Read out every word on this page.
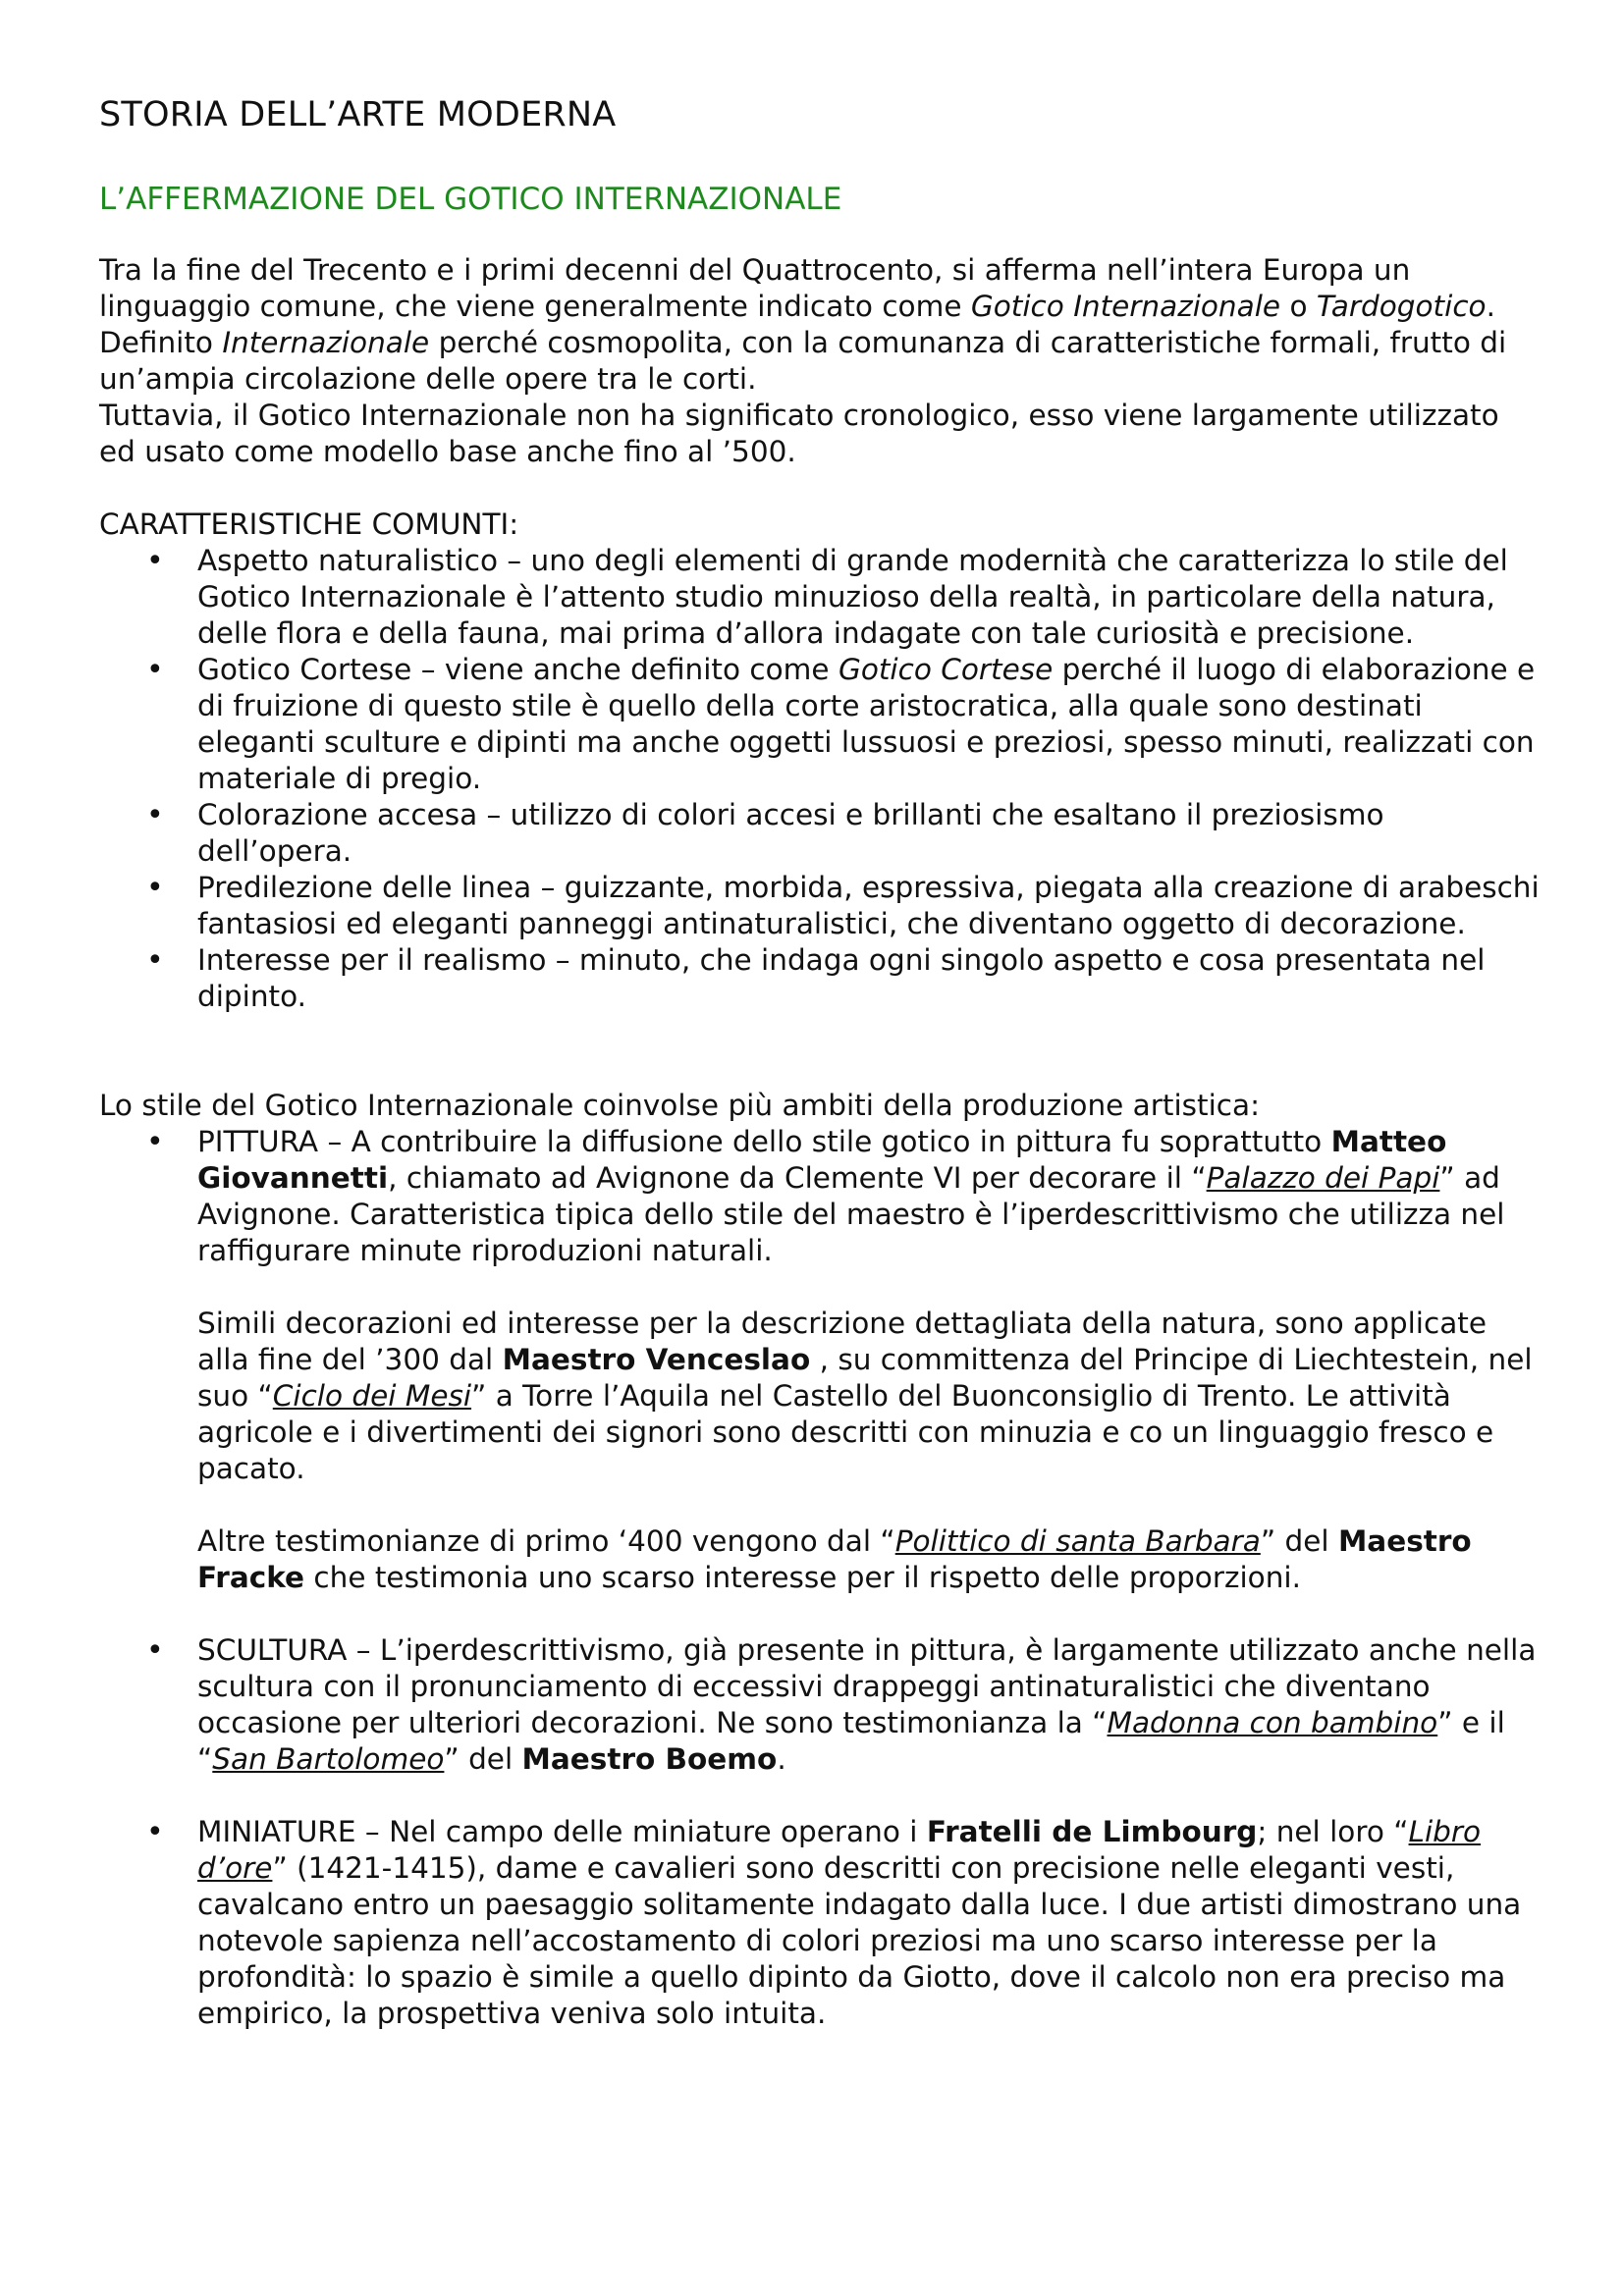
STORIA DELL’ARTE MODERNA
L’AFFERMAZIONE DEL GOTICO INTERNAZIONALE

Tra la fine del Trecento e i primi decenni del Quattrocento, si afferma nell’intera Europa un linguaggio comune, che viene generalmente indicato come Gotico Internazionale o Tardogotico. Definito Internazionale perché cosmopolita, con la comunanza di caratteristiche formali, frutto di un’ampia circolazione delle opere tra le corti.

Tuttavia, il Gotico Internazionale non ha significato cronologico, esso viene largamente utilizzato ed usato come modello base anche fino al ’500.

CARATTERISTICHE COMUNTI:

• Aspetto naturalistico – uno degli elementi di grande modernità che caratterizza lo stile del Gotico Internazionale è l’attento studio minuzioso della realtà, in particolare della natura, delle flora e della fauna, mai prima d’allora indagate con tale curiosità e precisione.
• Gotico Cortese – viene anche definito come Gotico Cortese perché il luogo di elaborazione e di fruizione di questo stile è quello della corte aristocratica, alla quale sono destinati eleganti sculture e dipinti ma anche oggetti lussuosi e preziosi, spesso minuti, realizzati con materiale di pregio.
• Colorazione accesa – utilizzo di colori accesi e brillanti che esaltano il preziosismo dell’opera.
• Predilezione delle linea – guizzante, morbida, espressiva, piegata alla creazione di arabeschi fantasiosi ed eleganti panneggi antinaturalistici, che diventano oggetto di decorazione.
• Interesse per il realismo – minuto, che indaga ogni singolo aspetto e cosa presentata nel dipinto.

Lo stile del Gotico Internazionale coinvolse più ambiti della produzione artistica:

• PITTURA – A contribuire la diffusione dello stile gotico in pittura fu soprattutto Matteo Giovannetti, chiamato ad Avignone da Clemente VI per decorare il “Palazzo dei Papi” ad Avignone. Caratteristica tipica dello stile del maestro è l’iperdescrittivismo che utilizza nel raffigurare minute riproduzioni naturali.
Simili decorazioni ed interesse per la descrizione dettagliata della natura, sono applicate alla fine del ’300 dal Maestro Venceslao , su committenza del Principe di Liechtestein, nel suo “Ciclo dei Mesi” a Torre l’Aquila nel Castello del Buonconsiglio di Trento. Le attività agricole e i divertimenti dei signori sono descritti con minuzia e co un linguaggio fresco e pacato.
Altre testimonianze di primo ‘400 vengono dal “Polittico di santa Barbara” del Maestro Fracke che testimonia uno scarso interesse per il rispetto delle proporzioni.
• SCULTURA – L’iperdescrittivismo, già presente in pittura, è largamente utilizzato anche nella scultura con il pronunciamento di eccessivi drappeggi antinaturalistici che diventano occasione per ulteriori decorazioni. Ne sono testimonianza la “Madonna con bambino” e il “San Bartolomeo” del Maestro Boemo.
• MINIATURE – Nel campo delle miniature operano i Fratelli de Limbourg; nel loro “Libro d’ore” (1421-1415), dame e cavalieri sono descritti con precisione nelle eleganti vesti, cavalcano entro un paesaggio solitamente indagato dalla luce. I due artisti dimostrano una notevole sapienza nell’accostamento di colori preziosi ma uno scarso interesse per la profondità: lo spazio è simile a quello dipinto da Giotto, dove il calcolo non era preciso ma empirico, la prospettiva veniva solo intuita.
